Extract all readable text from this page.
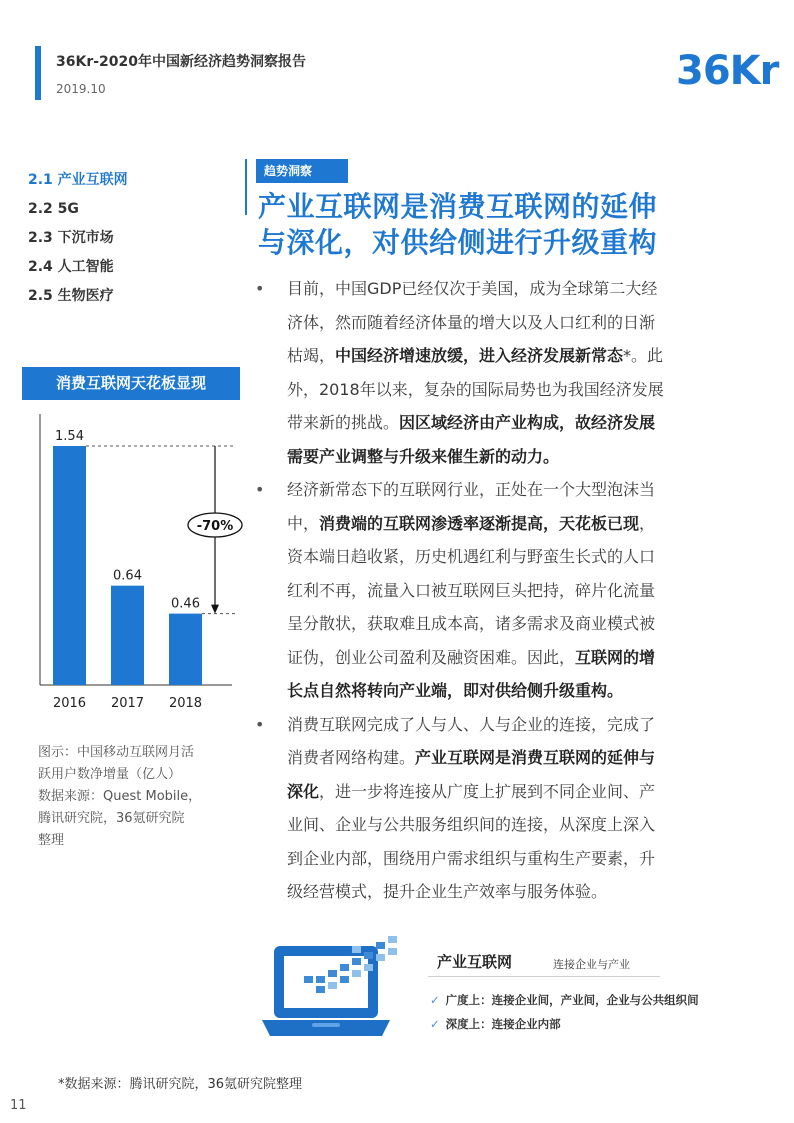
36Kr-2020年中国新经济趋势洞察报告
2019.10	36Kr
2.1 产业互联网
2.2 5G
2.3 下沉市场
2.4 人工智能
2.5 生物医疗
消费互联网天花板显现
1.54
2016
0.64
2017
0.46
2018
-70%
图示：中国移动互联网月活
跃用户数净增量（亿人）
数据来源：Quest Mobile，
腾讯研究院，36氪研究院
整理
趋势洞察
产业互联网是消费互联网的延伸
与深化，对供给侧进行升级重构
• 目前，中国GDP已经仅次于美国，成为全球第二大经
济体，然而随着经济体量的增大以及人口红利的日渐
枯竭，中国经济增速放缓，进入经济发展新常态*。此
外，2018年以来，复杂的国际局势也为我国经济发展
带来新的挑战。因区域经济由产业构成，故经济发展
需要产业调整与升级来催生新的动力。
• 经济新常态下的互联网行业，正处在一个大型泡沫当
中，消费端的互联网渗透率逐渐提高，天花板已现，
资本端日趋收紧，历史机遇红利与野蛮生长式的人口
红利不再，流量入口被互联网巨头把持，碎片化流量
呈分散状，获取难且成本高，诸多需求及商业模式被
证伪，创业公司盈利及融资困难。因此，互联网的增
长点自然将转向产业端，即对供给侧升级重构。
• 消费互联网完成了人与人、人与企业的连接，完成了
消费者网络构建。产业互联网是消费互联网的延伸与
深化，进一步将连接从广度上扩展到不同企业间、产
业间、企业与公共服务组织间的连接，从深度上深入
到企业内部，围绕用户需求组织与重构生产要素，升
级经营模式，提升企业生产效率与服务体验。
产业互联网	连接企业与产业
✓ 广度上：连接企业间，产业间，企业与公共组织间
✓ 深度上：连接企业内部
*数据来源：腾讯研究院，36氪研究院整理
11
